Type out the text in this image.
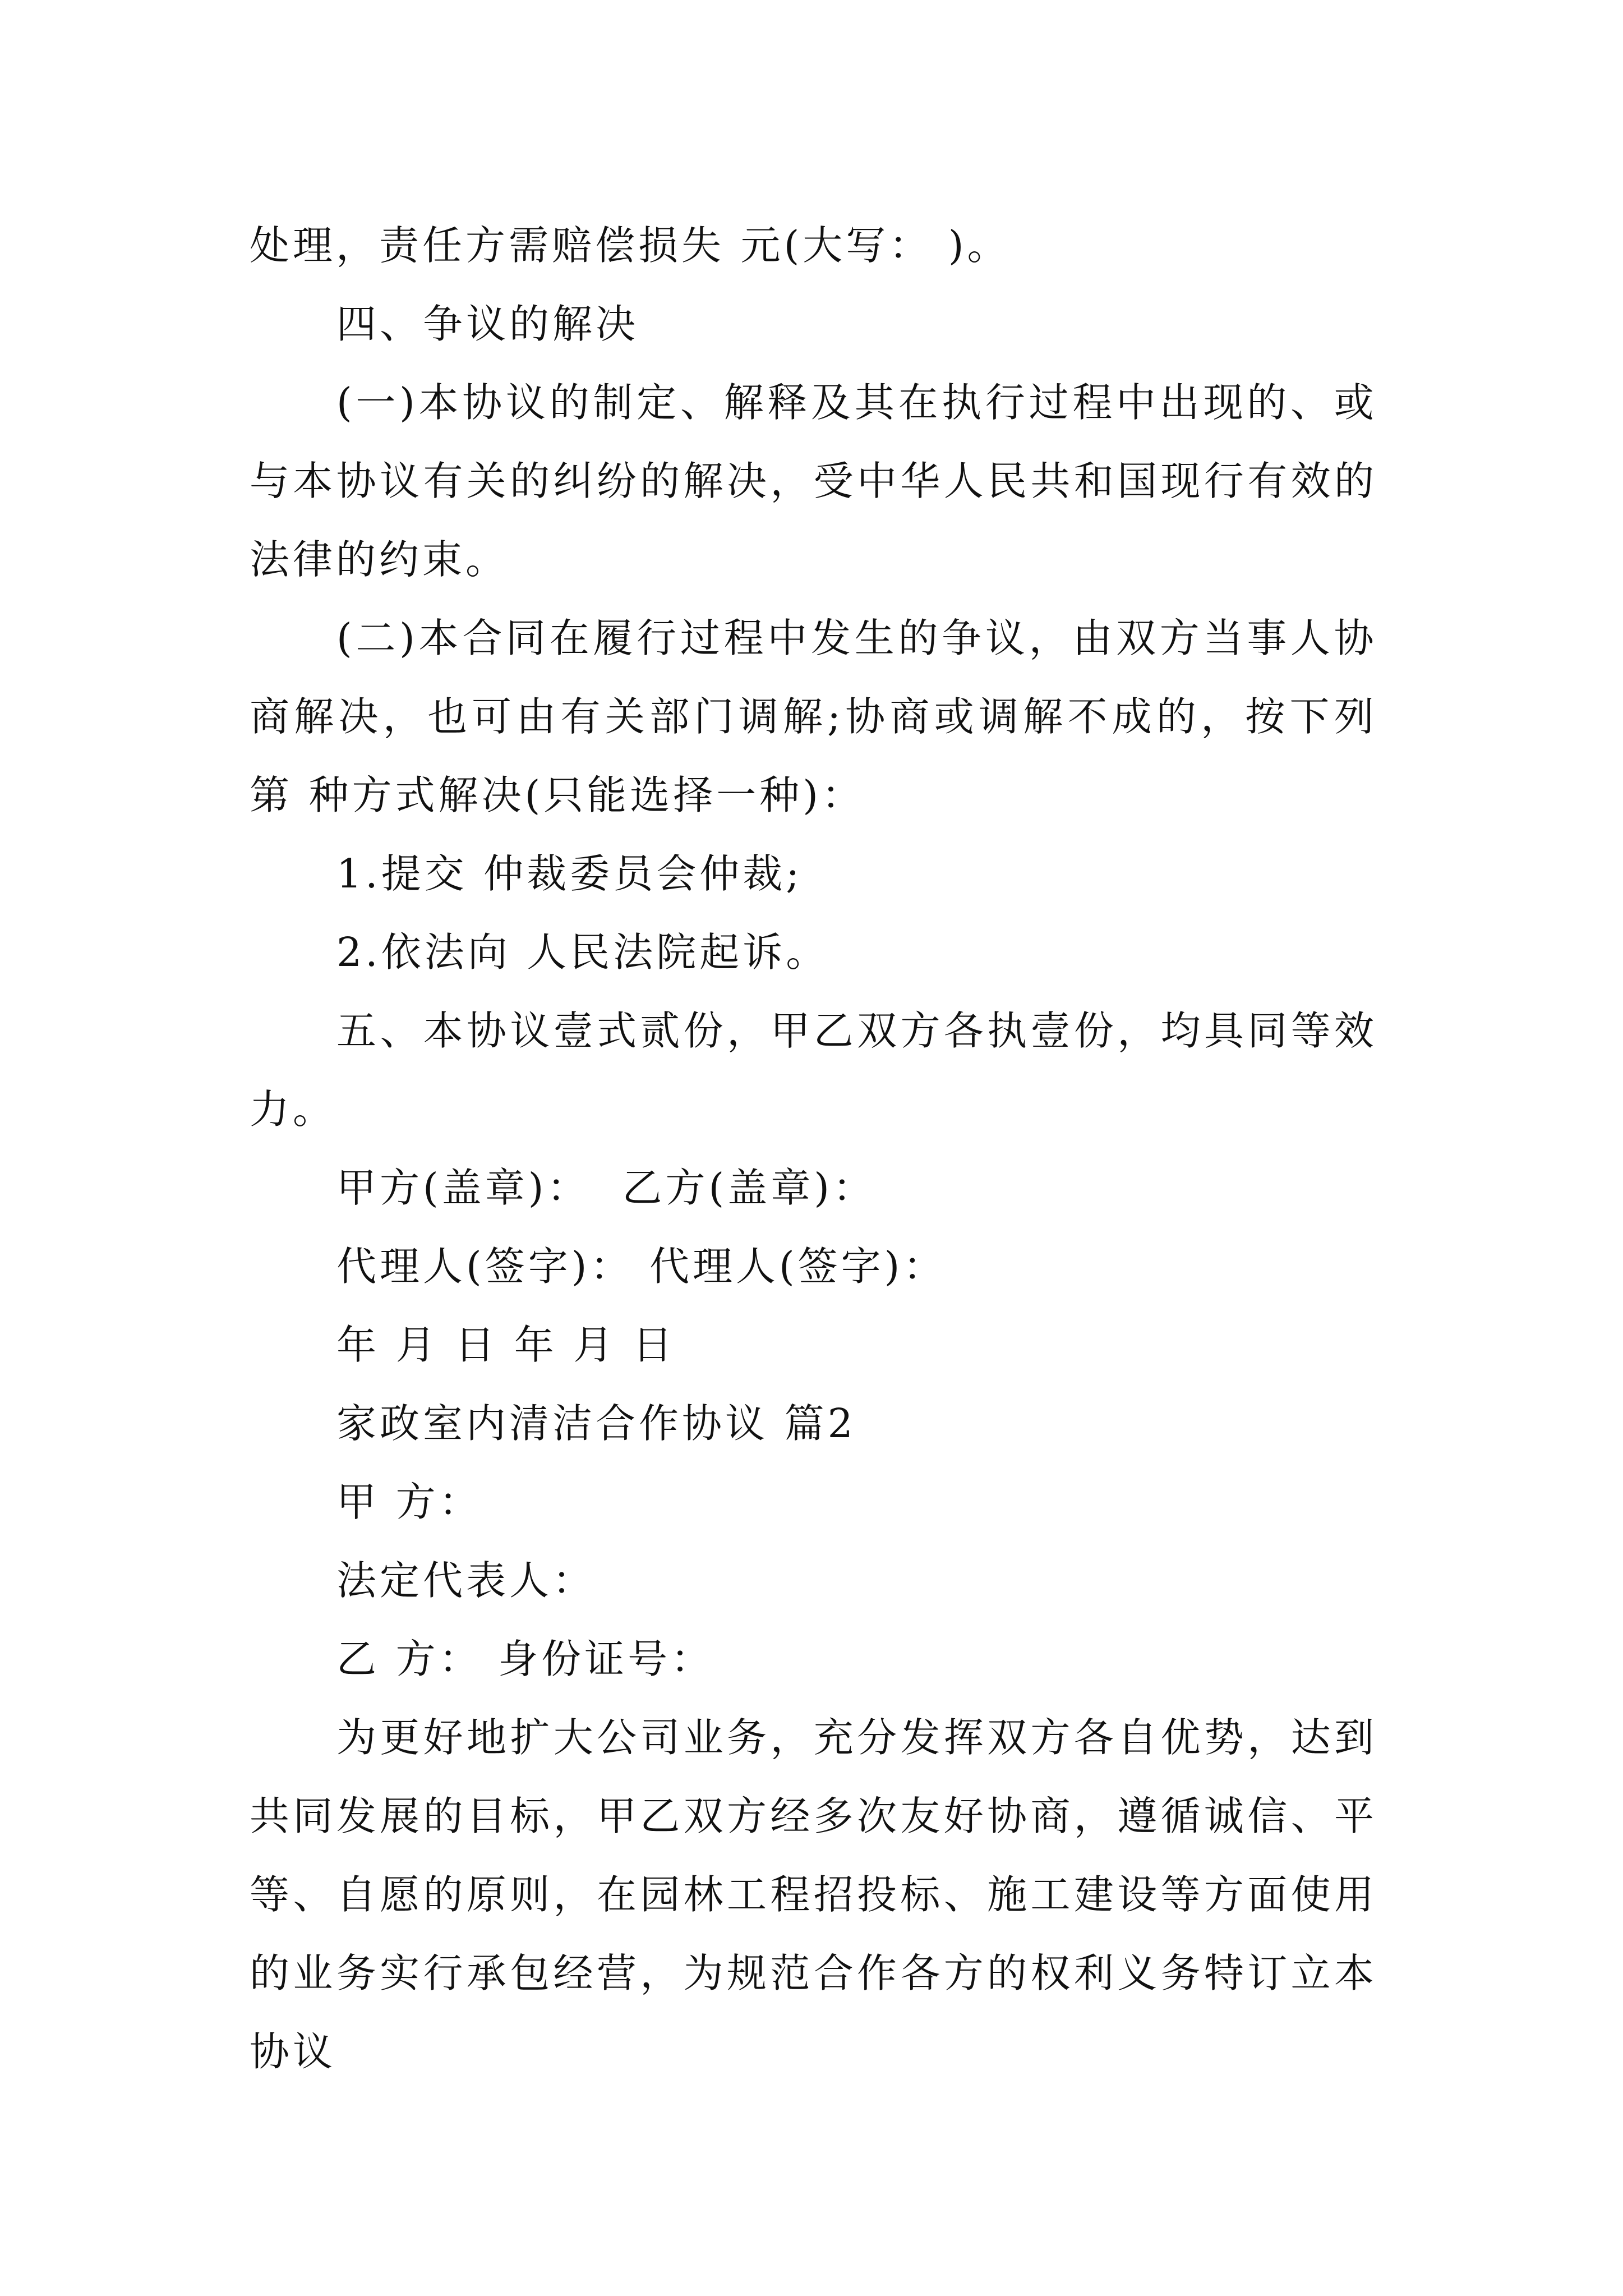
处理，责任方需赔偿损失 元(大写： )。
四、争议的解决
( 一 ) 本 协 议 的 制 定 、 解 释 及 其 在 执 行 过 程 中 出 现 的 、 或
与 本 协 议 有 关 的 纠 纷 的 解 决 ， 受 中 华 人 民 共 和 国 现 行 有 效 的
法律的约束。
( 二 ) 本 合 同 在 履 行 过 程 中 发 生 的 争 议 ， 由 双 方 当 事 人 协
商 解 决 ， 也 可 由 有 关 部 门 调 解 ; 协 商 或 调 解 不 成 的 ， 按 下 列
第 种方式解决(只能选择一种)：
1.提交 仲裁委员会仲裁;
2.依法向 人民法院起诉。
五 、 本 协 议 壹 式 贰 份 ， 甲 乙 双 方 各 执 壹 份 ， 均 具 同 等 效
力。
甲方(盖章)：  乙方(盖章)：
代理人(签字)： 代理人(签字)：
年 月 日 年 月 日
家政室内清洁合作协议 篇2
甲 方：
法定代表人：
乙 方： 身份证号：
为 更 好 地 扩 大 公 司 业 务 ， 充 分 发 挥 双 方 各 自 优 势 ， 达 到
共 同 发 展 的 目 标 ， 甲 乙 双 方 经 多 次 友 好 协 商 ， 遵 循 诚 信 、 平
等 、 自 愿 的 原 则 ， 在 园 林 工 程 招 投 标 、 施 工 建 设 等 方 面 使 用
的 业 务 实 行 承 包 经 营 ， 为 规 范 合 作 各 方 的 权 利 义 务 特 订 立 本
协议
